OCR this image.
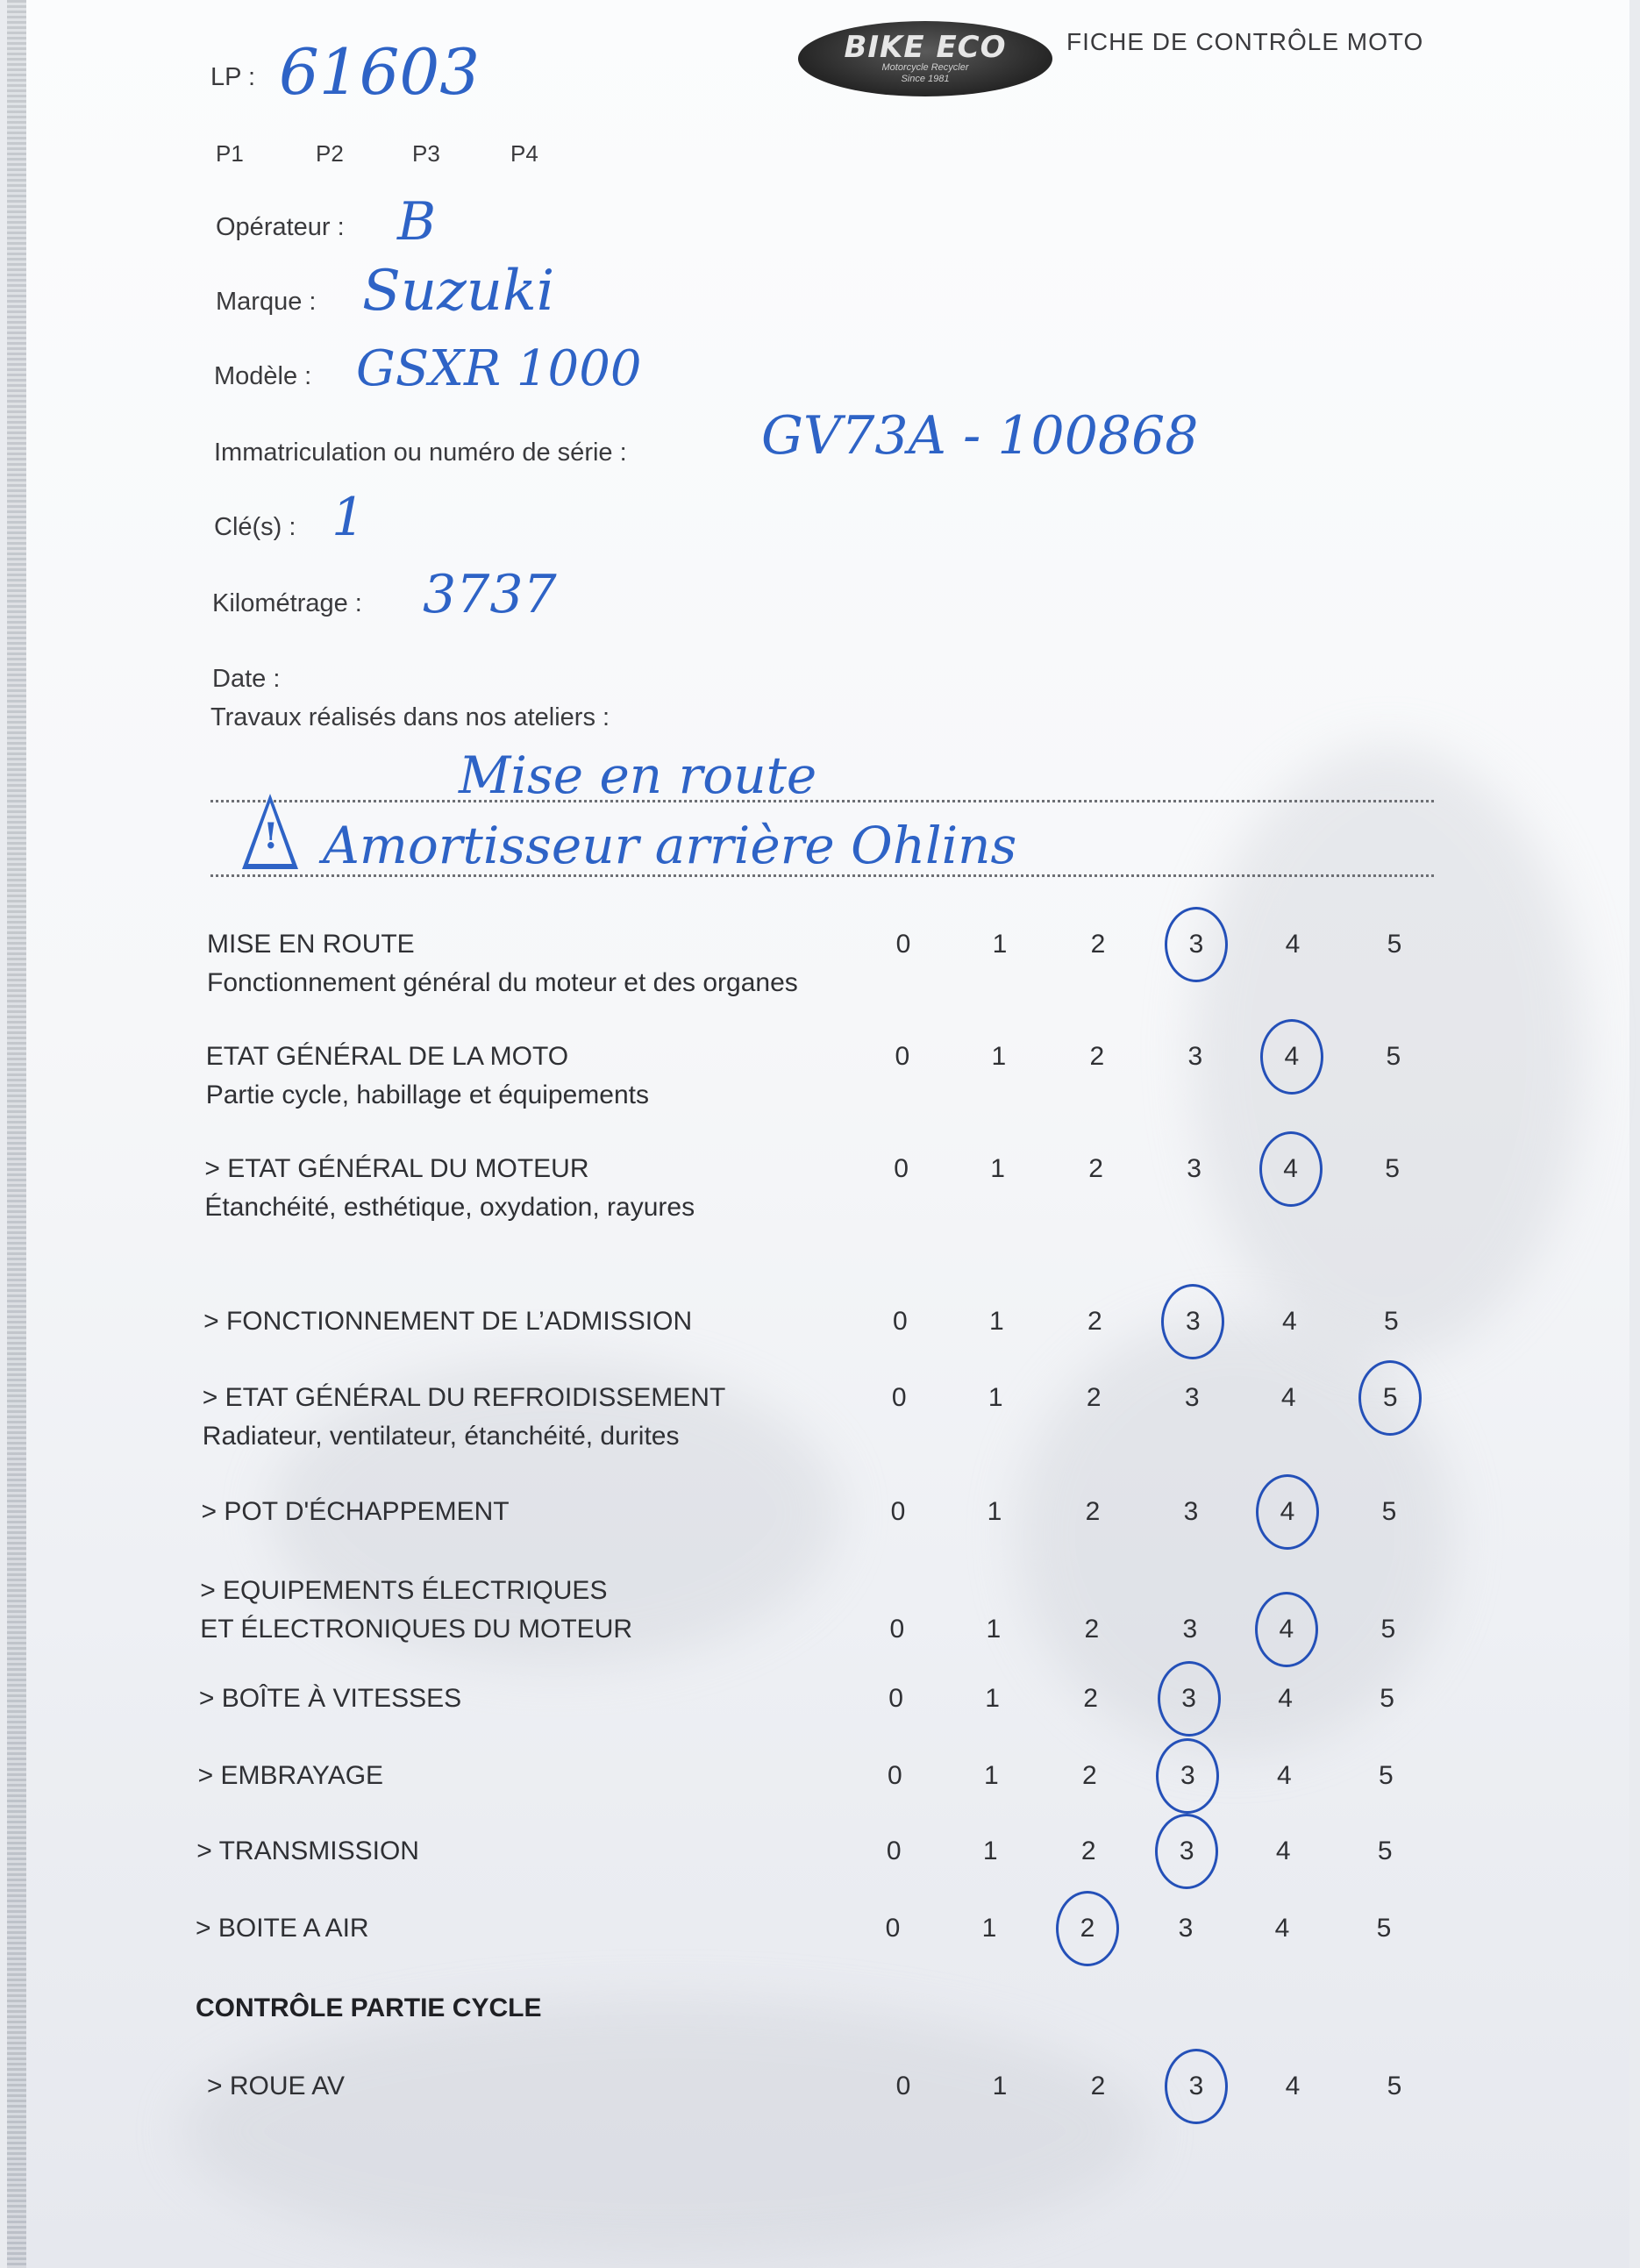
BIKE ECO
Motorcycle Recycler
Since 1981
FICHE DE CONTRÔLE MOTO
LP : 61603
P1	P2	P3	P4
Opérateur : B
Marque : Suzuki
Modèle : GSXR 1000
Immatriculation ou numéro de série :	GV73A - 100868
Clé(s) : 1
Kilométrage : 3737
Date :
Travaux réalisés dans nos ateliers :
Mise en route
! Amortisseur arrière Ohlins
MISE EN ROUTE
Fonctionnement général du moteur et des organes
0	1	2	3	4	5
ETAT GÉNÉRAL DE LA MOTO
Partie cycle, habillage et équipements
0	1	2	3	4	5
> ETAT GÉNÉRAL DU MOTEUR
Étanchéité, esthétique, oxydation, rayures
0	1	2	3	4	5
> FONCTIONNEMENT DE L’ADMISSION	0	1	2	3	4	5
> ETAT GÉNÉRAL DU REFROIDISSEMENT
Radiateur, ventilateur, étanchéité, durites
0	1	2	3	4	5
> POT D'ÉCHAPPEMENT	0	1	2	3	4	5
> EQUIPEMENTS ÉLECTRIQUES
ET ÉLECTRONIQUES DU MOTEUR	0	1	2	3	4	5
> BOÎTE À VITESSES	0	1	2	3	4	5
> EMBRAYAGE	0	1	2	3	4	5
> TRANSMISSION	0	1	2	3	4	5
> BOITE A AIR	0	1	2	3	4	5
CONTRÔLE PARTIE CYCLE
> ROUE AV	0	1	2	3	4	5
